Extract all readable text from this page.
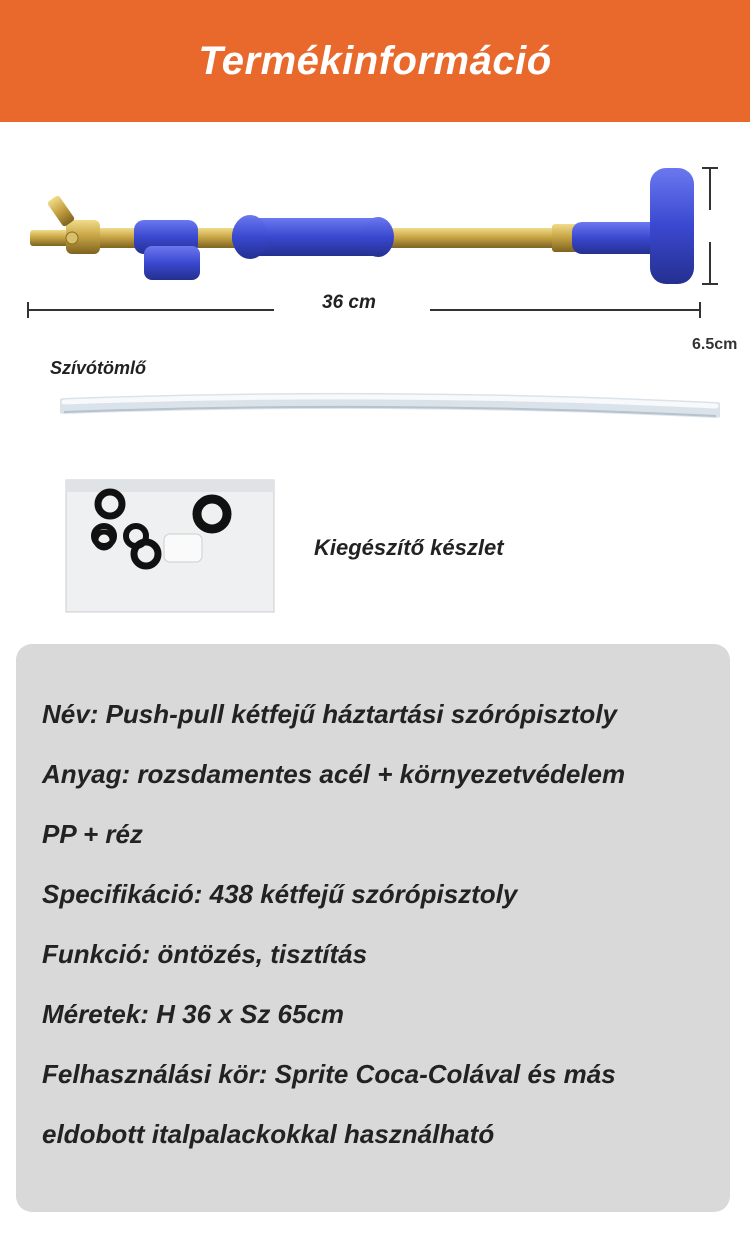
Termékinformáció
36 cm
6.5cm
Szívótömlő
Kiegészítő készlet
Név: Push-pull kétfejű háztartási szórópisztoly
Anyag: rozsdamentes acél + környezetvédelem
PP + réz
Specifikáció: 438 kétfejű szórópisztoly
Funkció: öntözés, tisztítás
Méretek: H 36 x Sz 65cm
Felhasználási kör: Sprite Coca-Colával és más
eldobott italpalackokkal használható
